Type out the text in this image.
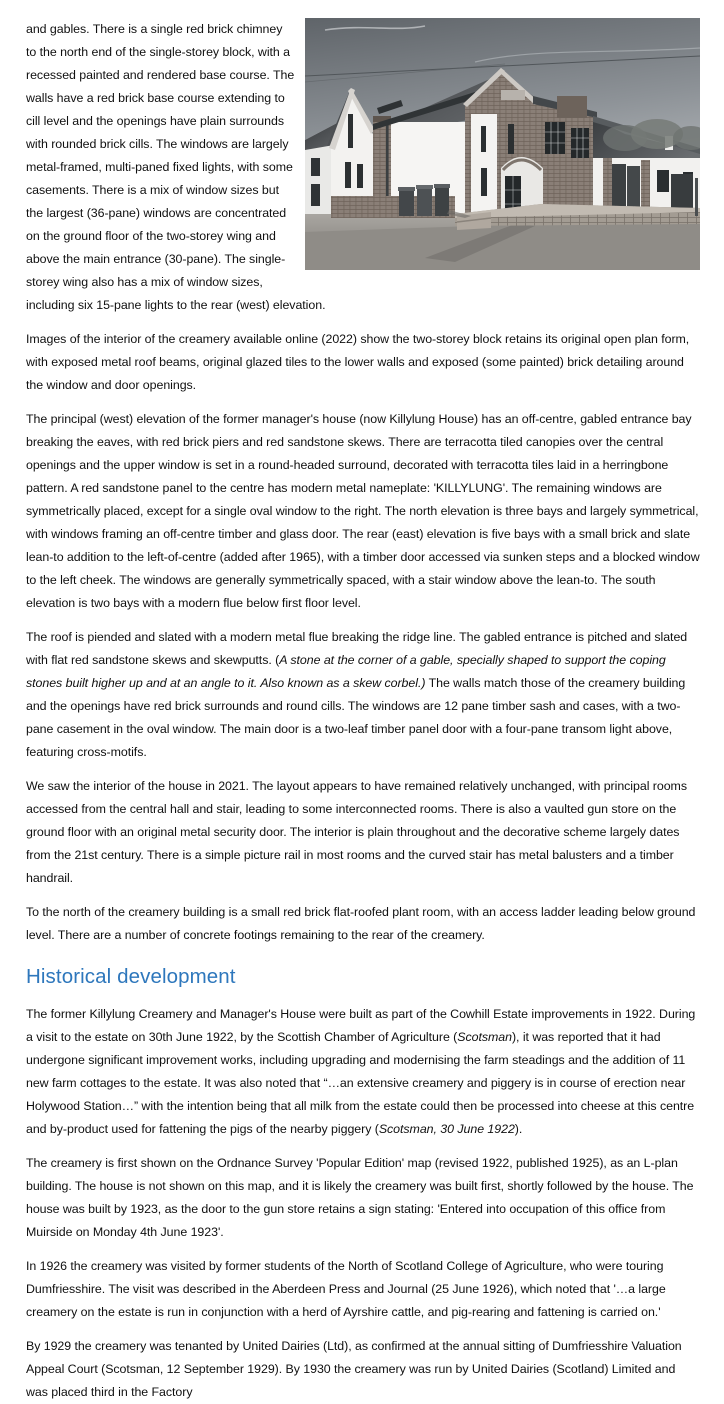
and gables. There is a single red brick chimney to the north end of the single-storey block, with a recessed painted and rendered base course. The walls have a red brick base course extending to cill level and the openings have plain surrounds with rounded brick cills. The windows are largely metal-framed, multi-paned fixed lights, with some casements. There is a mix of window sizes but the largest (36-pane) windows are concentrated on the ground floor of the two-storey wing and above the main entrance (30-pane). The single-storey wing also has a mix of window sizes, including six 15-pane lights to the rear (west) elevation.

Images of the interior of the creamery available online (2022) show the two-storey block retains its original open plan form, with exposed metal roof beams, original glazed tiles to the lower walls and exposed (some painted) brick detailing around the window and door openings.

The principal (west) elevation of the former manager's house (now Killylung House) has an off-centre, gabled entrance bay breaking the eaves, with red brick piers and red sandstone skews. There are terracotta tiled canopies over the central openings and the upper window is set in a round-headed surround, decorated with terracotta tiles laid in a herringbone pattern. A red sandstone panel to the centre has modern metal nameplate: 'KILLYLUNG'. The remaining windows are symmetrically placed, except for a single oval window to the right. The north elevation is three bays and largely symmetrical, with windows framing an off-centre timber and glass door. The rear (east) elevation is five bays with a small brick and slate lean-to addition to the left-of-centre (added after 1965), with a timber door accessed via sunken steps and a blocked window to the left cheek. The windows are generally symmetrically spaced, with a stair window above the lean-to. The south elevation is two bays with a modern flue below first floor level.

The roof is piended and slated with a modern metal flue breaking the ridge line. The gabled entrance is pitched and slated with flat red sandstone skews and skewputts. (A stone at the corner of a gable, specially shaped to support the coping stones built higher up and at an angle to it. Also known as a skew corbel.) The walls match those of the creamery building and the openings have red brick surrounds and round cills. The windows are 12 pane timber sash and cases, with a two-pane casement in the oval window. The main door is a two-leaf timber panel door with a four-pane transom light above, featuring cross-motifs.

We saw the interior of the house in 2021. The layout appears to have remained relatively unchanged, with principal rooms accessed from the central hall and stair, leading to some interconnected rooms. There is also a vaulted gun store on the ground floor with an original metal security door. The interior is plain throughout and the decorative scheme largely dates from the 21st century. There is a simple picture rail in most rooms and the curved stair has metal balusters and a timber handrail.

To the north of the creamery building is a small red brick flat-roofed plant room, with an access ladder leading below ground level. There are a number of concrete footings remaining to the rear of the creamery.

Historical development

The former Killylung Creamery and Manager's House were built as part of the Cowhill Estate improvements in 1922. During a visit to the estate on 30th June 1922, by the Scottish Chamber of Agriculture (Scotsman), it was reported that it had undergone significant improvement works, including upgrading and modernising the farm steadings and the addition of 11 new farm cottages to the estate. It was also noted that “…an extensive creamery and piggery is in course of erection near Holywood Station…” with the intention being that all milk from the estate could then be processed into cheese at this centre and by-product used for fattening the pigs of the nearby piggery (Scotsman, 30 June 1922).

The creamery is first shown on the Ordnance Survey 'Popular Edition' map (revised 1922, published 1925), as an L-plan building. The house is not shown on this map, and it is likely the creamery was built first, shortly followed by the house. The house was built by 1923, as the door to the gun store retains a sign stating: 'Entered into occupation of this office from Muirside on Monday 4th June 1923'.

In 1926 the creamery was visited by former students of the North of Scotland College of Agriculture, who were touring Dumfriesshire. The visit was described in the Aberdeen Press and Journal (25 June 1926), which noted that '…a large creamery on the estate is run in conjunction with a herd of Ayrshire cattle, and pig-rearing and fattening is carried on.'

By 1929 the creamery was tenanted by United Dairies (Ltd), as confirmed at the annual sitting of Dumfriesshire Valuation Appeal Court (Scotsman, 12 September 1929). By 1930 the creamery was run by United Dairies (Scotland) Limited and was placed third in the Factory
